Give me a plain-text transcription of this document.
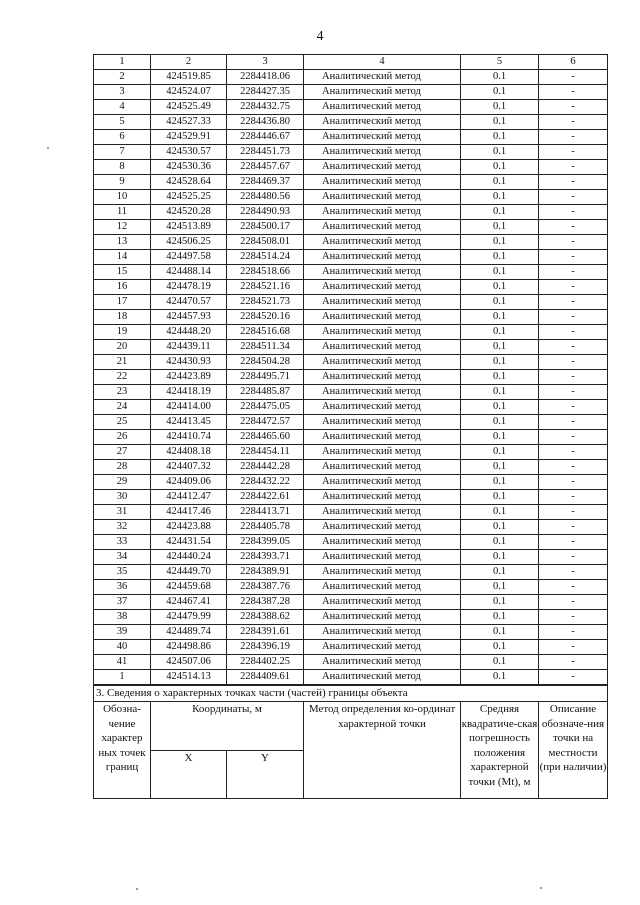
4
1	2	3	4	5	6
2	424519.85	2284418.06	Аналитический метод	0.1	-
3	424524.07	2284427.35	Аналитический метод	0.1	-
4	424525.49	2284432.75	Аналитический метод	0.1	-
5	424527.33	2284436.80	Аналитический метод	0.1	-
6	424529.91	2284446.67	Аналитический метод	0.1	-
7	424530.57	2284451.73	Аналитический метод	0.1	-
8	424530.36	2284457.67	Аналитический метод	0.1	-
9	424528.64	2284469.37	Аналитический метод	0.1	-
10	424525.25	2284480.56	Аналитический метод	0.1	-
11	424520.28	2284490.93	Аналитический метод	0.1	-
12	424513.89	2284500.17	Аналитический метод	0.1	-
13	424506.25	2284508.01	Аналитический метод	0.1	-
14	424497.58	2284514.24	Аналитический метод	0.1	-
15	424488.14	2284518.66	Аналитический метод	0.1	-
16	424478.19	2284521.16	Аналитический метод	0.1	-
17	424470.57	2284521.73	Аналитический метод	0.1	-
18	424457.93	2284520.16	Аналитический метод	0.1	-
19	424448.20	2284516.68	Аналитический метод	0.1	-
20	424439.11	2284511.34	Аналитический метод	0.1	-
21	424430.93	2284504.28	Аналитический метод	0.1	-
22	424423.89	2284495.71	Аналитический метод	0.1	-
23	424418.19	2284485.87	Аналитический метод	0.1	-
24	424414.00	2284475.05	Аналитический метод	0.1	-
25	424413.45	2284472.57	Аналитический метод	0.1	-
26	424410.74	2284465.60	Аналитический метод	0.1	-
27	424408.18	2284454.11	Аналитический метод	0.1	-
28	424407.32	2284442.28	Аналитический метод	0.1	-
29	424409.06	2284432.22	Аналитический метод	0.1	-
30	424412.47	2284422.61	Аналитический метод	0.1	-
31	424417.46	2284413.71	Аналитический метод	0.1	-
32	424423.88	2284405.78	Аналитический метод	0.1	-
33	424431.54	2284399.05	Аналитический метод	0.1	-
34	424440.24	2284393.71	Аналитический метод	0.1	-
35	424449.70	2284389.91	Аналитический метод	0.1	-
36	424459.68	2284387.76	Аналитический метод	0.1	-
37	424467.41	2284387.28	Аналитический метод	0.1	-
38	424479.99	2284388.62	Аналитический метод	0.1	-
39	424489.74	2284391.61	Аналитический метод	0.1	-
40	424498.86	2284396.19	Аналитический метод	0.1	-
41	424507.06	2284402.25	Аналитический метод	0.1	-
1	424514.13	2284409.61	Аналитический метод	0.1	-
3. Сведения о характерных точках части (частей) границы объекта					
Обозна-чение характер ных точек границ	Координаты, м		Метод определения ко-ординат характерной точки	Средняя квадратиче-ская погрешность положения характерной точки (Mt), м	Описание обозначе-ния точки на местности (при наличии)
	X	Y			
